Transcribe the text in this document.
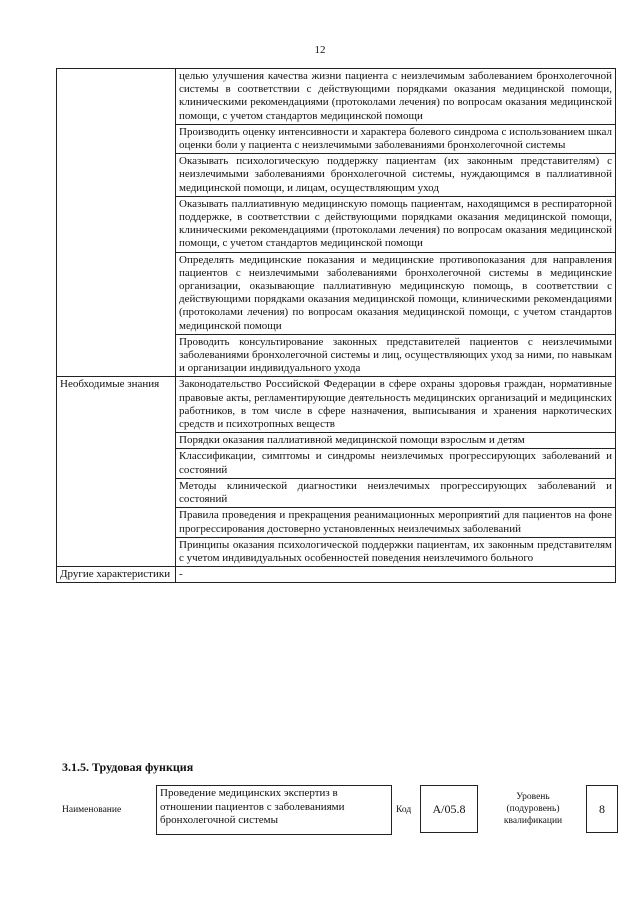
12
	целью улучшения качества жизни пациента с неизлечимым заболеванием бронхолегочной системы в соответствии с действующими порядками оказания медицинской помощи, клиническими рекомендациями (протоколами лечения) по вопросам оказания медицинской помощи, с учетом стандартов медицинской помощи
	Производить оценку интенсивности и характера болевого синдрома с использованием шкал оценки боли у пациента с неизлечимыми заболеваниями бронхолегочной системы
	Оказывать психологическую поддержку пациентам (их законным представителям) с неизлечимыми заболеваниями бронхолегочной системы, нуждающимся в паллиативной медицинской помощи, и лицам, осуществляющим уход
	Оказывать паллиативную медицинскую помощь пациентам, находящимся в респираторной поддержке, в соответствии с действующими порядками оказания медицинской помощи, клиническими рекомендациями (протоколами лечения) по вопросам оказания медицинской помощи, с учетом стандартов медицинской помощи
	Определять медицинские показания и медицинские противопоказания для направления пациентов с неизлечимыми заболеваниями бронхолегочной системы в медицинские организации, оказывающие паллиативную медицинскую помощь, в соответствии с действующими порядками оказания медицинской помощи, клиническими рекомендациями (протоколами лечения) по вопросам оказания медицинской помощи, с учетом стандартов медицинской помощи
	Проводить консультирование законных представителей пациентов с неизлечимыми заболеваниями бронхолегочной системы и лиц, осуществляющих уход за ними, по навыкам и организации индивидуального ухода
Необходимые знания	Законодательство Российской Федерации в сфере охраны здоровья граждан, нормативные правовые акты, регламентирующие деятельность медицинских организаций и медицинских работников, в том числе в сфере назначения, выписывания и хранения наркотических средств и психотропных веществ
	Порядки оказания паллиативной медицинской помощи взрослым и детям
	Классификации, симптомы и синдромы неизлечимых прогрессирующих заболеваний и состояний
	Методы клинической диагностики неизлечимых прогрессирующих заболеваний и состояний
	Правила проведения и прекращения реанимационных мероприятий для пациентов на фоне прогрессирования достоверно установленных неизлечимых заболеваний
	Принципы оказания психологической поддержки пациентам, их законным представителям с учетом индивидуальных особенностей поведения неизлечимого больного
Другие характеристики	-
3.1.5. Трудовая функция
Наименование
Проведение медицинских экспертиз в отношении пациентов с заболеваниями бронхолегочной системы
Код	A/05.8
Уровень (подуровень) квалификации
8
